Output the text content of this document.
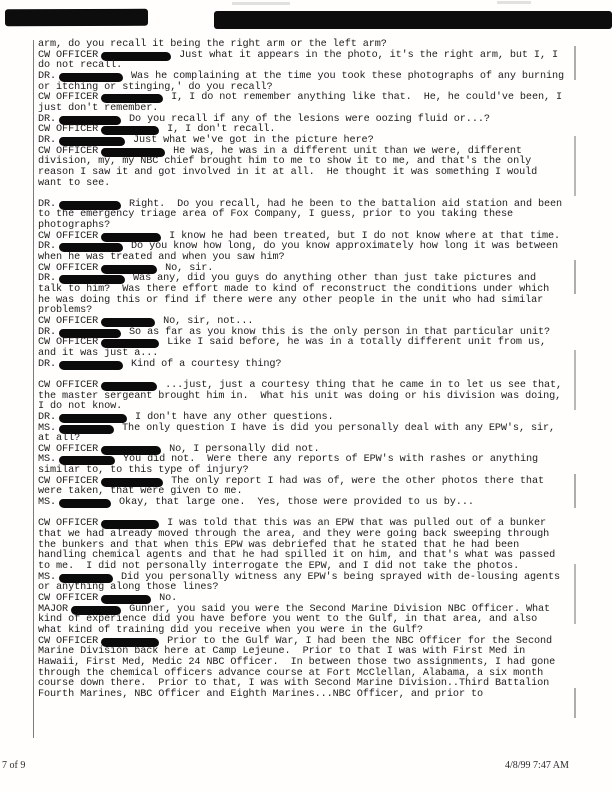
arm, do you recall it being the right arm or the left arm?
CW OFFICER	Just what it appears in the photo, it's the right arm, but I, I do not recall.
DR.	Was he complaining at the time you took these photographs of any burning or itching or stinging,' do you recall?
CW OFFICER	I, I do not remember anything like that.  He, he could've been, I just don't remember.
DR.	Do you recall if any of the lesions were oozing fluid or...?
CW OFFICER	I, I don't recall.
DR.	Just what we've got in the picture here?
CW OFFICER	He was, he was in a different unit than we were, different division, my, my NBC chief brought him to me to show it to me, and that's the only reason I saw it and got involved in it at all.  He thought it was something I would want to see.
DR.	Right.  Do you recall, had he been to the battalion aid station and been to the emergency triage area of Fox Company, I guess, prior to you taking these photographs?
CW OFFICER	I know he had been treated, but I do not know where at that time.
DR.	Do you know how long, do you know approximately how long it was between when he was treated and when you saw him?
CW OFFICER	No, sir.
DR.	Was any, did you guys do anything other than just take pictures and talk to him?  Was there effort made to kind of reconstruct the conditions under which he was doing this or find if there were any other people in the unit who had similar problems?
CW OFFICER	No, sir, not...
DR.	So as far as you know this is the only person in that particular unit?
CW OFFICER	Like I said before, he was in a totally different unit from us, and it was just a...
DR.	Kind of a courtesy thing?
CW OFFICER	...just, just a courtesy thing that he came in to let us see that, the master sergeant brought him in.  What his unit was doing or his division was doing, I do not know.
DR.	I don't have any other questions.
MS.	The only question I have is did you personally deal with any EPW's, sir, at all?
CW OFFICER	No, I personally did not.
MS.	You did not.  Were there any reports of EPW's with rashes or anything similar to, to this type of injury?
CW OFFICER	The only report I had was of, were the other photos there that were taken, that were given to me.
MS.	Okay, that large one.  Yes, those were provided to us by...
CW OFFICER	I was told that this was an EPW that was pulled out of a bunker that we had already moved through the area, and they were going back sweeping through the bunkers and that when this EPW was debriefed that he stated that he had been handling chemical agents and that he had spilled it on him, and that's what was passed to me.  I did not personally interrogate the EPW, and I did not take the photos.
MS.	Did you personally witness any EPW's being sprayed with de-lousing agents or anything along those lines?
CW OFFICER	No.
MAJOR	Gunner, you said you were the Second Marine Division NBC Officer. What kind of experience did you have before you went to the Gulf, in that area, and also what kind of training did you receive when you were in the Gulf?
CW OFFICER	Prior to the Gulf War, I had been the NBC Officer for the Second Marine Division back here at Camp Lejeune.  Prior to that I was with First Med in Hawaii, First Med, Medic 24 NBC Officer.  In between those two assignments, I had gone through the chemical officers advance course at Fort McClellan, Alabama, a six month course down there.  Prior to that, I was with Second Marine Division..Third Battalion Fourth Marines, NBC Officer and Eighth Marines...NBC Officer, and prior to
7 of 9	4/8/99 7:47 AM
